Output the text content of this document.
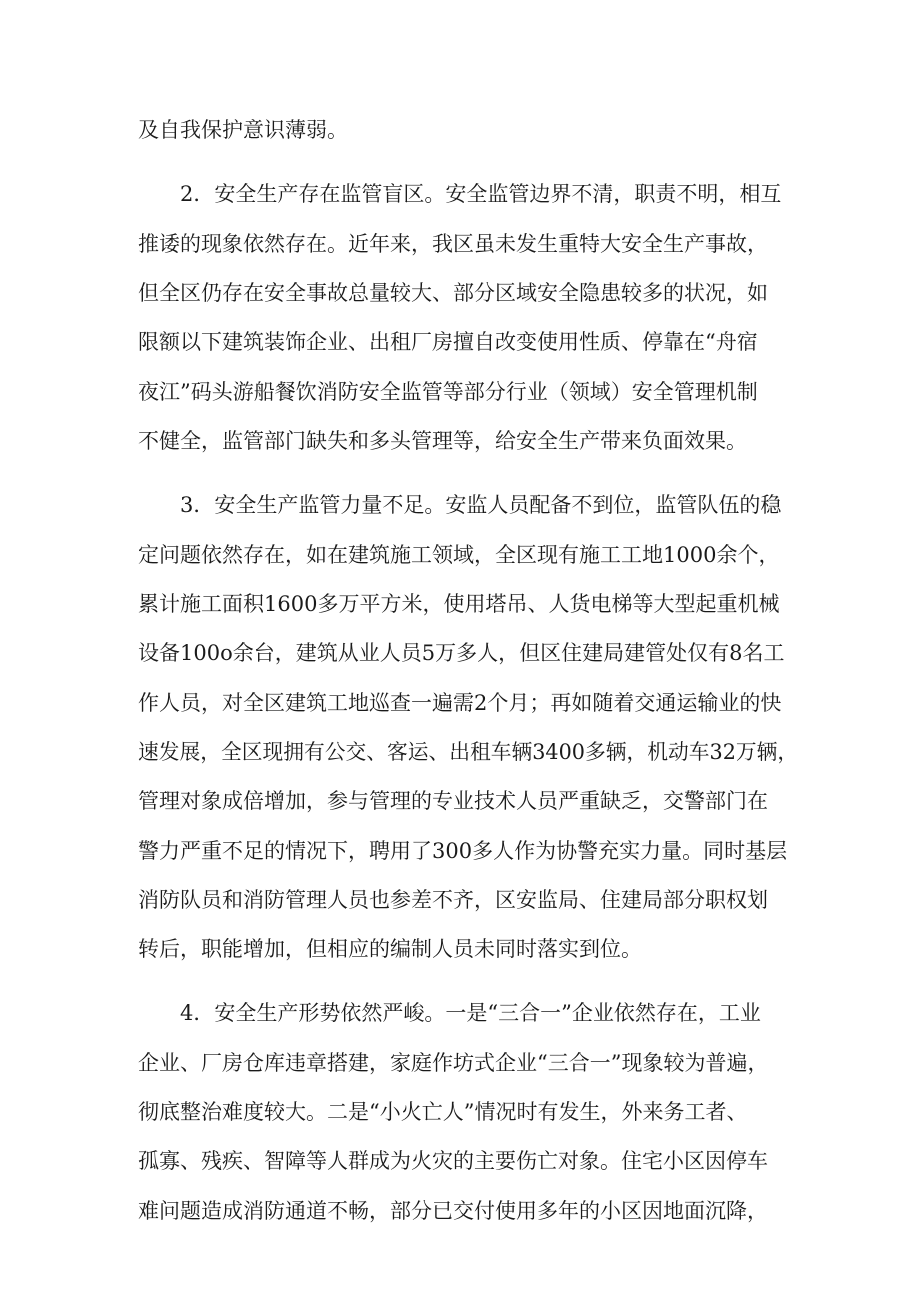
及自我保护意识薄弱。
2．安全生产存在监管盲区。安全监管边界不清，职责不明，相互
推诿的现象依然存在。近年来，我区虽未发生重特大安全生产事故，
但全区仍存在安全事故总量较大、部分区域安全隐患较多的状况，如
限额以下建筑装饰企业、出租厂房擅自改变使用性质、停靠在“舟宿
夜江”码头游船餐饮消防安全监管等部分行业（领域）安全管理机制
不健全，监管部门缺失和多头管理等，给安全生产带来负面效果。
3．安全生产监管力量不足。安监人员配备不到位，监管队伍的稳
定问题依然存在，如在建筑施工领域，全区现有施工工地1000余个，
累计施工面积1600多万平方米，使用塔吊、人货电梯等大型起重机械
设备100o余台，建筑从业人员5万多人，但区住建局建管处仅有8名工
作人员，对全区建筑工地巡查一遍需2个月；再如随着交通运输业的快
速发展，全区现拥有公交、客运、出租车辆3400多辆，机动车32万辆，
管理对象成倍增加，参与管理的专业技术人员严重缺乏，交警部门在
警力严重不足的情况下，聘用了300多人作为协警充实力量。同时基层
消防队员和消防管理人员也参差不齐，区安监局、住建局部分职权划
转后，职能增加，但相应的编制人员未同时落实到位。
4．安全生产形势依然严峻。一是“三合一”企业依然存在，工业
企业、厂房仓库违章搭建，家庭作坊式企业“三合一”现象较为普遍，
彻底整治难度较大。二是“小火亡人”情况时有发生，外来务工者、
孤寡、残疾、智障等人群成为火灾的主要伤亡对象。住宅小区因停车
难问题造成消防通道不畅，部分已交付使用多年的小区因地面沉降，
